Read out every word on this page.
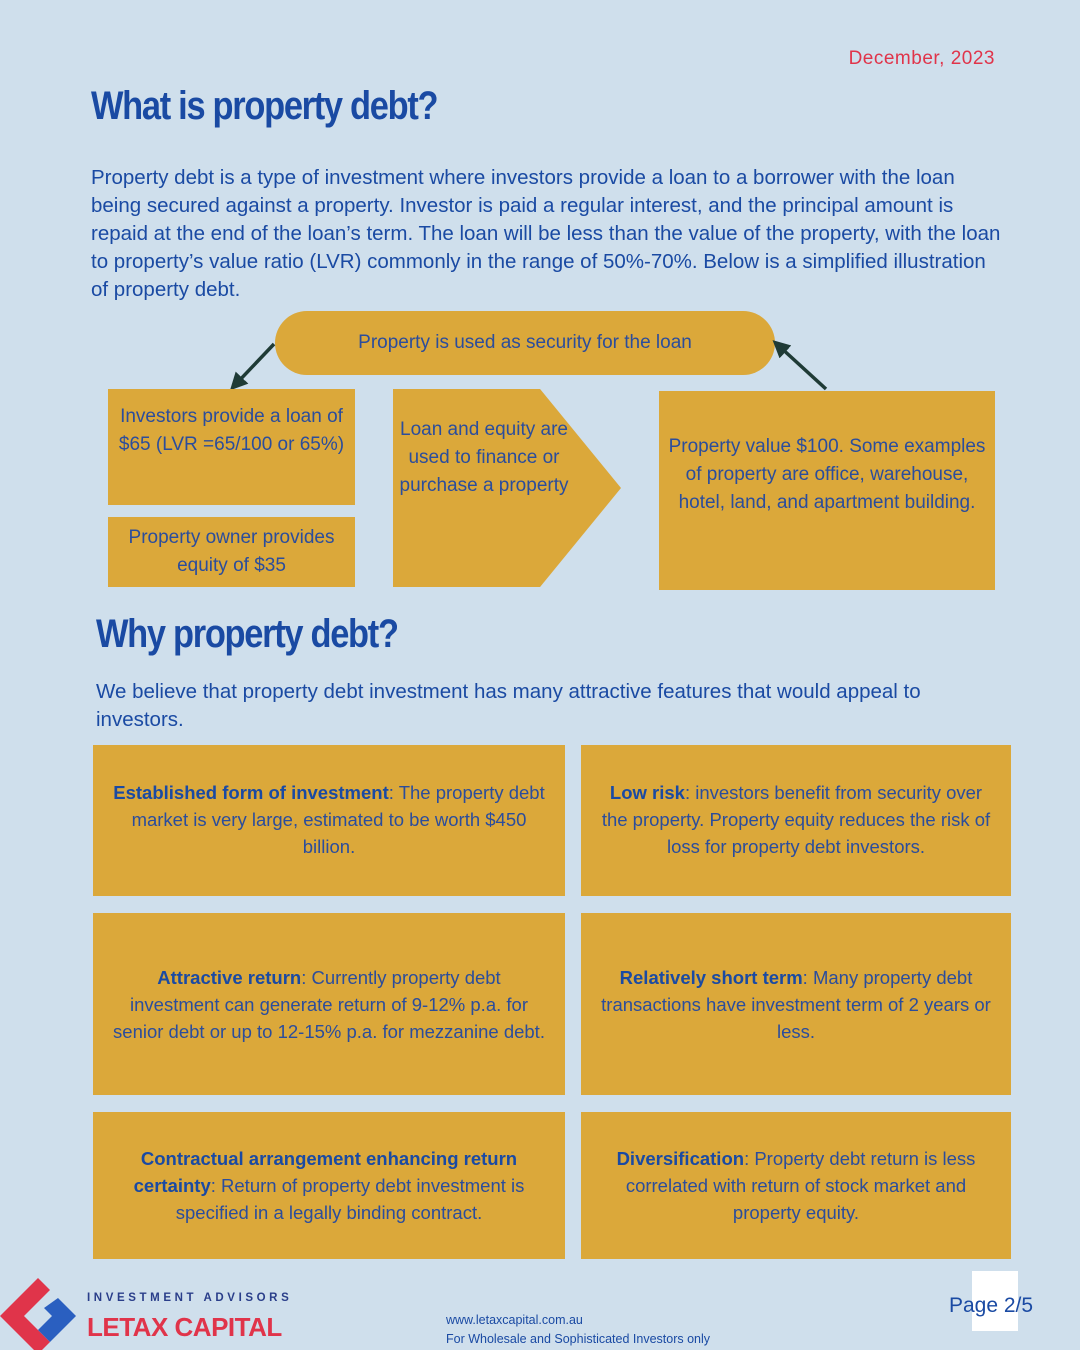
December, 2023
What is property debt?
Property debt is a type of investment where investors provide a loan to a borrower with the loan being secured against a property. Investor is paid a regular interest, and the principal amount is repaid at the end of the loan’s term. The loan will be less than the value of the property, with the loan to property’s value ratio (LVR) commonly in the range of 50%-70%. Below is a simplified illustration of property debt.
Property is used as security for the loan
Investors provide a loan of $65 (LVR =65/100 or 65%)
Property owner provides equity of $35
Loan and equity are used to finance or purchase a property
Property value $100. Some examples of property are office, warehouse, hotel, land, and apartment building.
Why property debt?
We believe that property debt investment has many attractive features that would appeal to investors.
Established form of investment: The property debt market is very large, estimated to be worth $450 billion.
Low risk: investors benefit from security over the property. Property equity reduces the risk of loss for property debt investors.
Attractive return: Currently property debt investment can generate return of 9-12% p.a. for senior debt or up to 12-15% p.a. for mezzanine debt.
Relatively short term: Many property debt transactions have investment term of 2 years or less.
Contractual arrangement enhancing return certainty: Return of property debt investment is specified in a legally binding contract.
Diversification: Property debt return is less correlated with return of stock market and property equity.
INVESTMENT ADVISORS
LETAX CAPITAL	www.letaxcapital.com.au
For Wholesale and Sophisticated Investors only
Page 2/5
